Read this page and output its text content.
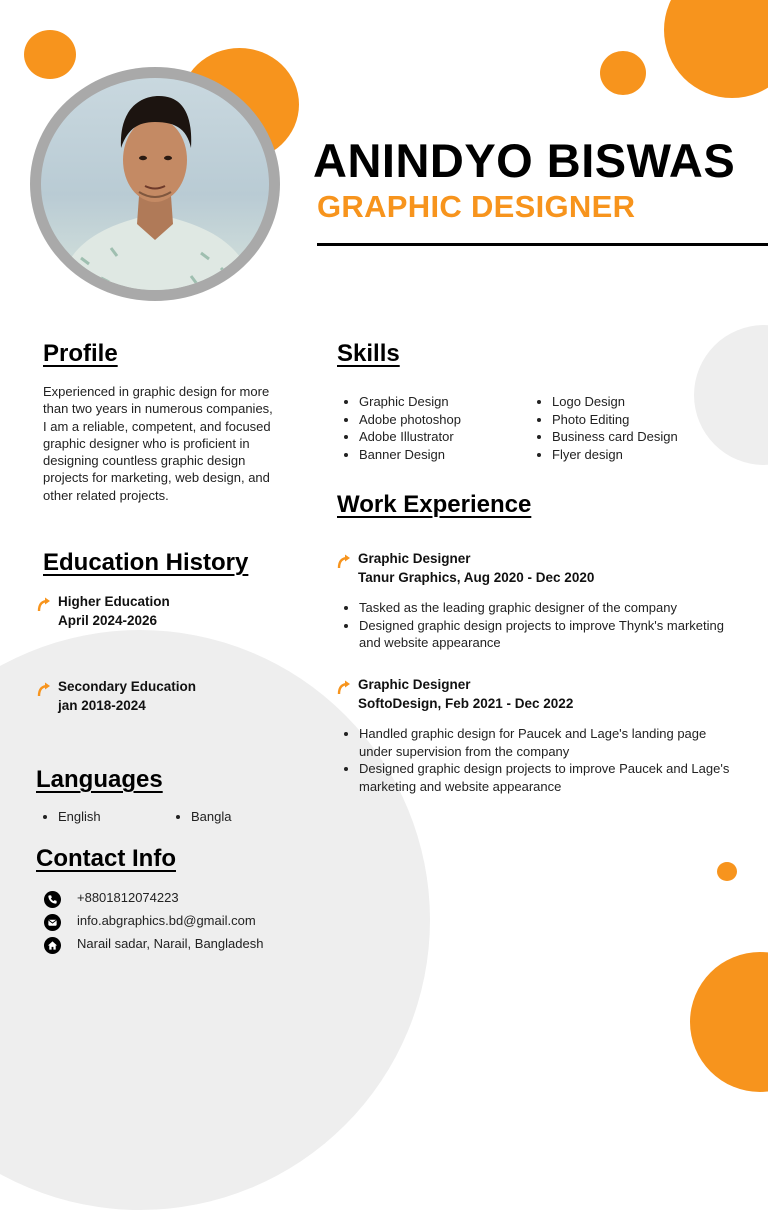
ANINDYO BISWAS
GRAPHIC DESIGNER
Profile
Experienced in graphic design for more than two years in numerous companies, I am a reliable, competent, and focused graphic designer who is proficient in designing countless graphic design projects for marketing, web design, and other related projects.
Skills
• Graphic Design
• Adobe photoshop
• Adobe Illustrator
• Banner Design
• Logo Design
• Photo Editing
• Business card Design
• Flyer design
Work Experience
Graphic Designer
Tanur Graphics, Aug 2020 - Dec 2020
• Tasked as the leading graphic designer of the company
• Designed graphic design projects to improve Thynk's marketing and website appearance
Graphic Designer
SoftoDesign, Feb 2021 - Dec 2022
• Handled graphic design for Paucek and Lage's landing page under supervision from the company
• Designed graphic design projects to improve Paucek and Lage's marketing and website appearance
Education History
Higher Education
April 2024-2026
Secondary Education
jan 2018-2024
Languages
• English
•	Bangla
Contact Info
+8801812074223
info.abgraphics.bd@gmail.com
Narail sadar, Narail, Bangladesh
